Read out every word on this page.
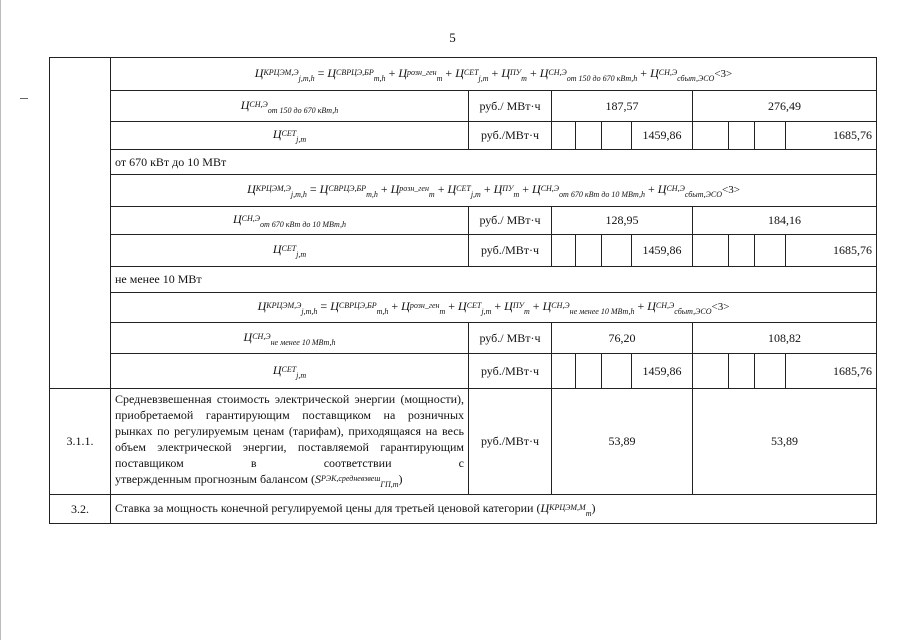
5
	$Ц_{КРЦЭМ,Эj,m,h} = Ц_{СВРЦЭ,БРm,h} + Ц_{розн\_генm} + Ц_{СЕТj,m} + Ц_{ПУm} + Ц_{СН,Эот 150 до 670 кВт,h} + Ц_{СН,Эсбыт,ЭСО}<3>$									
	$Ц_{СН,Эот 150 до 670 кВт,h}$	руб./ МВт·ч	187,57				276,49			
	$Ц_{СЕТj,m}$	руб./МВт·ч				1459,86				1685,76
	от 670 кВт до 10 МВт									
	$Ц_{КРЦЭМ,Эj,m,h} = Ц_{СВРЦЭ,БРm,h} + Ц_{розн\_генm} + Ц_{СЕТj,m} + Ц_{ПУm} + Ц_{СН,Эот 670 кВт до 10 МВт,h} + Ц_{СН,Эсбыт,ЭСО}<3>$									
	$Ц_{СН,Эот 670 кВт до 10 МВт,h}$	руб./ МВт·ч	128,95				184,16			
	$Ц_{СЕТj,m}$	руб./МВт·ч				1459,86				1685,76
	не менее 10 МВт									
	$Ц_{КРЦЭМ,Эj,m,h} = Ц_{СВРЦЭ,БРm,h} + Ц_{розн\_генm} + Ц_{СЕТj,m} + Ц_{ПУm} + Ц_{СН,Эне менее 10 МВт,h} + Ц_{СН,Эсбыт,ЭСО}<3>$									
	$Ц_{СН,Эне менее 10 МВт,h}$	руб./ МВт·ч	76,20				108,82			
	$Ц_{СЕТj,m}$	руб./МВт·ч				1459,86				1685,76
3.1.1.	Средневзвешенная стоимость электрической энергии (мощности), приобретаемой гарантирующим поставщиком на розничных рынках по регулируемым ценам (тарифам), приходящаяся на весь объем электрической энергии, поставляемой гарантирующим поставщиком в соответствии с
утвержденным прогнозным балансом $(S_{РЭК,средневзвешГП,m})$	руб./МВт·ч	53,89				53,89			
3.2.	Ставка за мощность конечной регулируемой цены для третьей ценовой категории $(Ц_{КРЦЭМ,Мm})$									
